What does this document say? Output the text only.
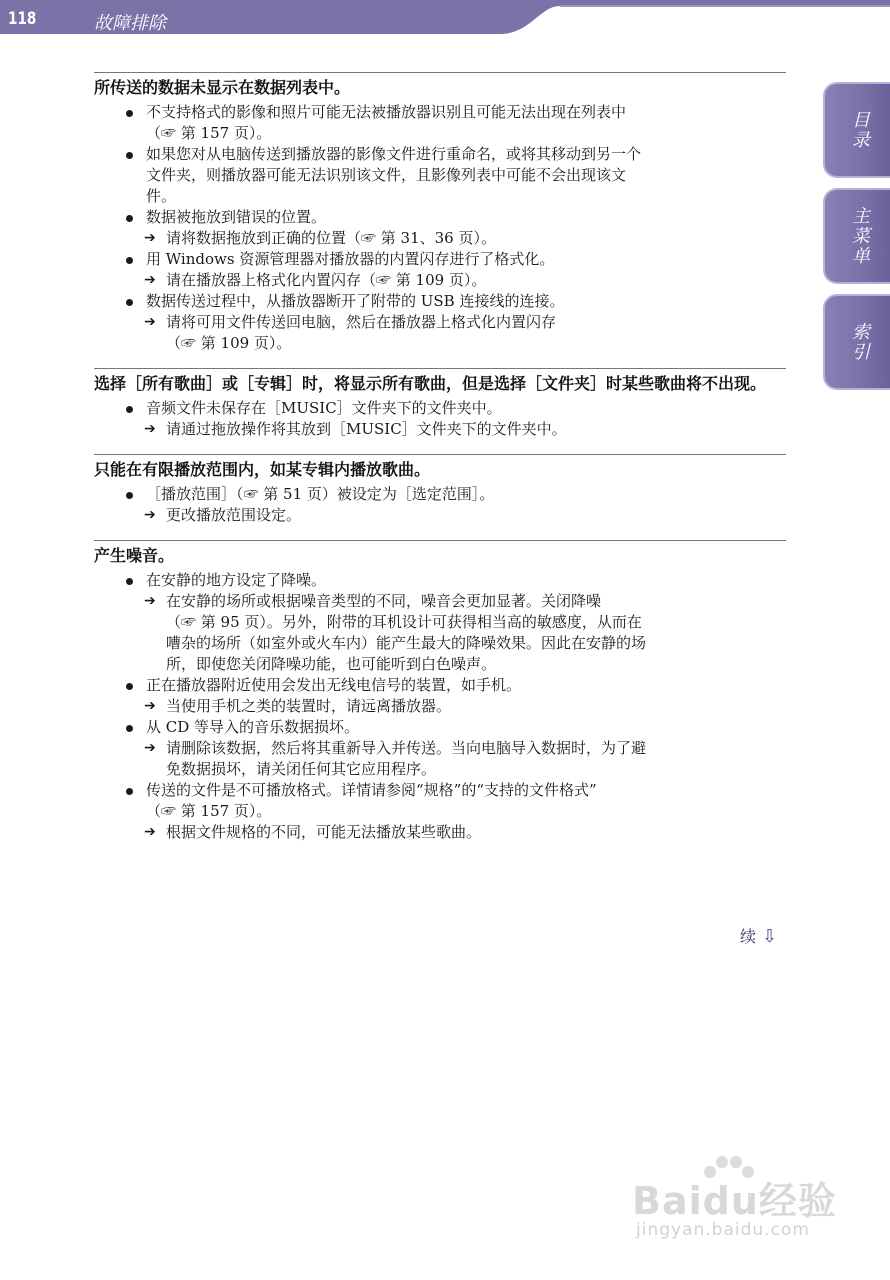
118	故障排除
目录
主菜单
索引
所传送的数据未显示在数据列表中。
不支持格式的影像和照片可能无法被播放器识别且可能无法出现在列表中
（☞ 第 157 页）。
如果您对从电脑传送到播放器的影像文件进行重命名，或将其移动到另一个
文件夹，则播放器可能无法识别该文件，且影像列表中可能不会出现该文
件。
数据被拖放到错误的位置。
➔ 请将数据拖放到正确的位置（☞ 第 31、36 页）。
用 Windows 资源管理器对播放器的内置闪存进行了格式化。
➔ 请在播放器上格式化内置闪存（☞ 第 109 页）。
数据传送过程中，从播放器断开了附带的 USB 连接线的连接。
➔ 请将可用文件传送回电脑，然后在播放器上格式化内置闪存
（☞ 第 109 页）。
选择［所有歌曲］或［专辑］时，将显示所有歌曲，但是选择［文件夹］时某些歌曲将不出现。
音频文件未保存在［MUSIC］文件夹下的文件夹中。
➔ 请通过拖放操作将其放到［MUSIC］文件夹下的文件夹中。
只能在有限播放范围内，如某专辑内播放歌曲。
［播放范围］（☞ 第 51 页）被设定为［选定范围］。
➔ 更改播放范围设定。
产生噪音。
在安静的地方设定了降噪。
➔ 在安静的场所或根据噪音类型的不同，噪音会更加显著。关闭降噪
（☞ 第 95 页）。另外，附带的耳机设计可获得相当高的敏感度，从而在
嘈杂的场所（如室外或火车内）能产生最大的降噪效果。因此在安静的场
所，即使您关闭降噪功能，也可能听到白色噪声。
正在播放器附近使用会发出无线电信号的装置，如手机。
➔ 当使用手机之类的装置时，请远离播放器。
从 CD 等导入的音乐数据损坏。
➔ 请删除该数据，然后将其重新导入并传送。当向电脑导入数据时，为了避
免数据损坏，请关闭任何其它应用程序。
传送的文件是不可播放格式。详情请参阅“规格”的“支持的文件格式”
（☞ 第 157 页）。
➔ 根据文件规格的不同，可能无法播放某些歌曲。
续 ⇩
Baidu经验
jingyan.baidu.com
